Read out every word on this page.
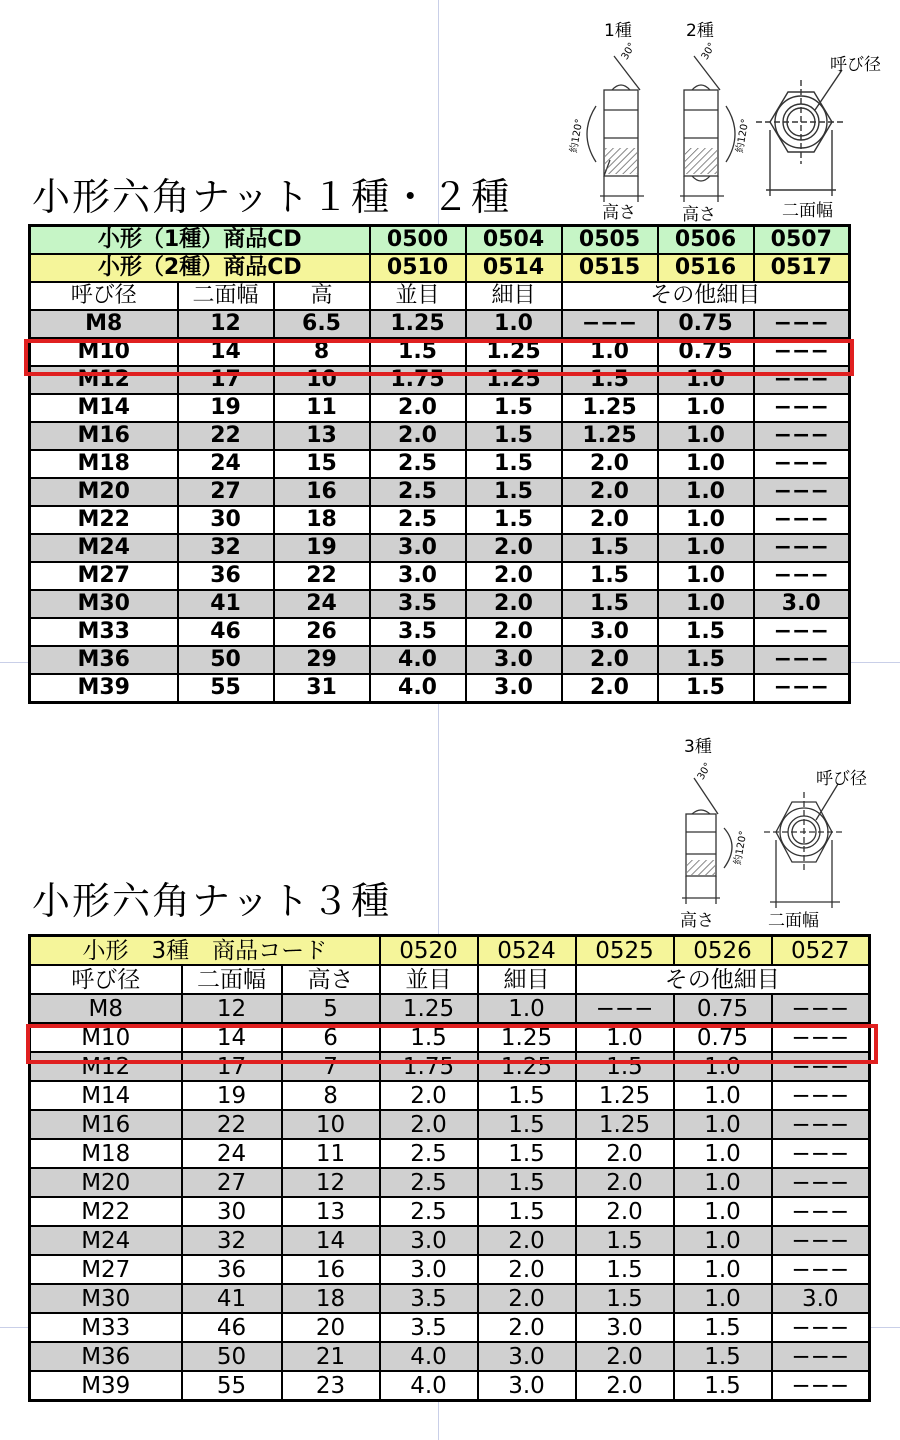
小形六角ナット１種・２種
1種	2種
30°	30°
約120°	約120°
呼び径
高さ	高さ	二面幅
小形（1種）商品CD			0500	0504	0505	0506	0507
小形（2種）商品CD			0510	0514	0515	0516	0517
呼び径	二面幅	高	並目	細目	その他細目		
M8	12	6.5	1.25	1.0	−−−	0.75	−−−
M10	14	8	1.5	1.25	1.0	0.75	−−−
M12	17	10	1.75	1.25	1.5	1.0	−−−
M14	19	11	2.0	1.5	1.25	1.0	−−−
M16	22	13	2.0	1.5	1.25	1.0	−−−
M18	24	15	2.5	1.5	2.0	1.0	−−−
M20	27	16	2.5	1.5	2.0	1.0	−−−
M22	30	18	2.5	1.5	2.0	1.0	−−−
M24	32	19	3.0	2.0	1.5	1.0	−−−
M27	36	22	3.0	2.0	1.5	1.0	−−−
M30	41	24	3.5	2.0	1.5	1.0	3.0
M33	46	26	3.5	2.0	3.0	1.5	−−−
M36	50	29	4.0	3.0	2.0	1.5	−−−
M39	55	31	4.0	3.0	2.0	1.5	−−−
3種
30°
約120°
呼び径
高さ	二面幅
小形六角ナット３種
小形　3種　商品コード			0520	0524	0525	0526	0527
呼び径	二面幅	高さ	並目	細目	その他細目		
M8	12	5	1.25	1.0	−−−	0.75	−−−
M10	14	6	1.5	1.25	1.0	0.75	−−−
M12	17	7	1.75	1.25	1.5	1.0	−−−
M14	19	8	2.0	1.5	1.25	1.0	−−−
M16	22	10	2.0	1.5	1.25	1.0	−−−
M18	24	11	2.5	1.5	2.0	1.0	−−−
M20	27	12	2.5	1.5	2.0	1.0	−−−
M22	30	13	2.5	1.5	2.0	1.0	−−−
M24	32	14	3.0	2.0	1.5	1.0	−−−
M27	36	16	3.0	2.0	1.5	1.0	−−−
M30	41	18	3.5	2.0	1.5	1.0	3.0
M33	46	20	3.5	2.0	3.0	1.5	−−−
M36	50	21	4.0	3.0	2.0	1.5	−−−
M39	55	23	4.0	3.0	2.0	1.5	−−−
